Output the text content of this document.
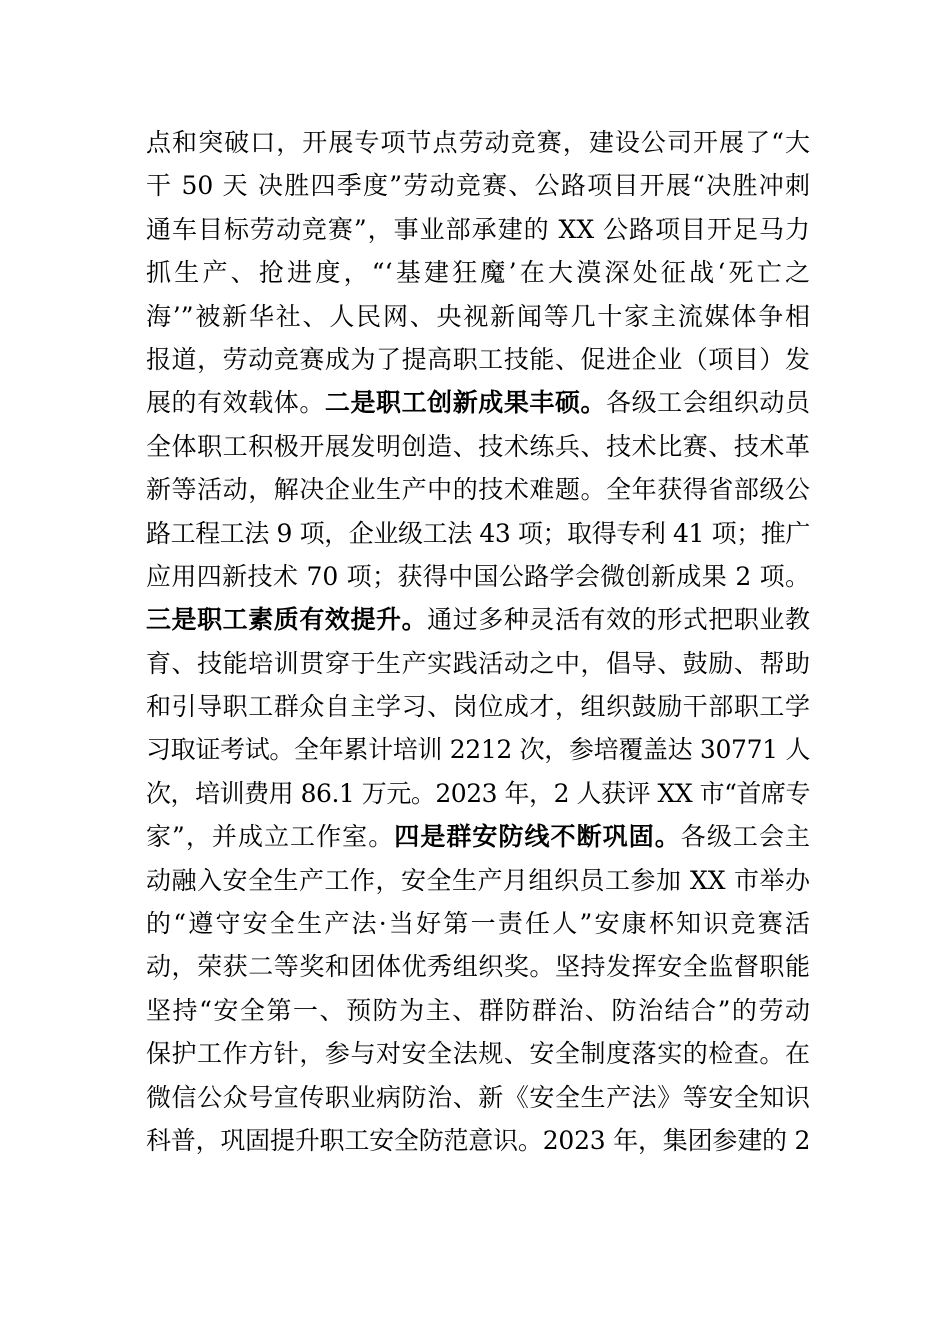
点和突破口，开展专项节点劳动竞赛，建设公司开展了“大
干 50 天 决胜四季度”劳动竞赛、公路项目开展“决胜冲刺
通车目标劳动竞赛”，事业部承建的 XX 公路项目开足马力
抓生产、抢进度，“‘基建狂魔’在大漠深处征战‘死亡之
海’”被新华社、人民网、央视新闻等几十家主流媒体争相
报道，劳动竞赛成为了提高职工技能、促进企业（项目）发
展的有效载体。二是职工创新成果丰硕。各级工会组织动员
全体职工积极开展发明创造、技术练兵、技术比赛、技术革
新等活动，解决企业生产中的技术难题。全年获得省部级公
路工程工法 9 项，企业级工法 43 项；取得专利 41 项；推广
应用四新技术 70 项；获得中国公路学会微创新成果 2 项。
三是职工素质有效提升。通过多种灵活有效的形式把职业教
育、技能培训贯穿于生产实践活动之中，倡导、鼓励、帮助
和引导职工群众自主学习、岗位成才，组织鼓励干部职工学
习取证考试。全年累计培训 2212 次，参培覆盖达 30771 人
次，培训费用 86.1 万元。2023 年，2 人获评 XX 市“首席专
家”，并成立工作室。四是群安防线不断巩固。各级工会主
动融入安全生产工作，安全生产月组织员工参加 XX 市举办
的“遵守安全生产法·当好第一责任人”安康杯知识竞赛活
动，荣获二等奖和团体优秀组织奖。坚持发挥安全监督职能
坚持“安全第一、预防为主、群防群治、防治结合”的劳动
保护工作方针，参与对安全法规、安全制度落实的检查。在
微信公众号宣传职业病防治、新《安全生产法》等安全知识
科普，巩固提升职工安全防范意识。2023 年，集团参建的 2
